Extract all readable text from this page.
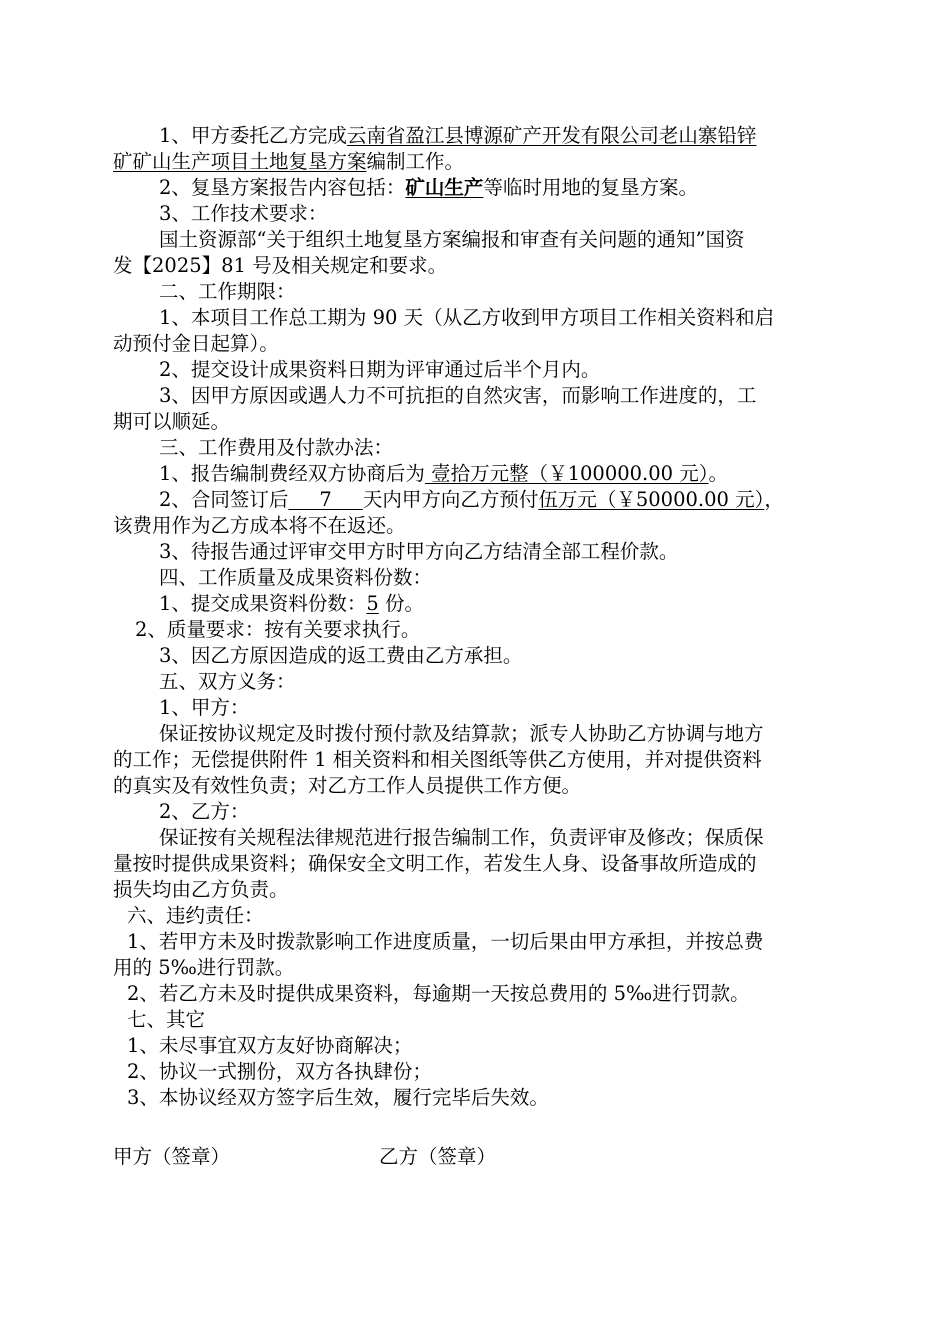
1、甲方委托乙方完成云南省盈江县博源矿产开发有限公司老山寨铅锌
矿矿山生产项目土地复垦方案编制工作。
2、复垦方案报告内容包括：矿山生产等临时用地的复垦方案。
3、工作技术要求：
国土资源部“关于组织土地复垦方案编报和审查有关问题的通知”国资
发【2025】81 号及相关规定和要求。
二、工作期限：
1、本项目工作总工期为 90 天（从乙方收到甲方项目工作相关资料和启
动预付金日起算）。
2、提交设计成果资料日期为评审通过后半个月内。
3、因甲方原因或遇人力不可抗拒的自然灾害，而影响工作进度的，工
期可以顺延。
三、工作费用及付款办法：
1、报告编制费经双方协商后为 壹拾万元整（￥100000.00 元）。
2、合同签订后     7     天内甲方向乙方预付伍万元（￥50000.00 元），
该费用作为乙方成本将不在返还。
3、待报告通过评审交甲方时甲方向乙方结清全部工程价款。
四、工作质量及成果资料份数：
1、提交成果资料份数：5 份。
2、质量要求：按有关要求执行。
3、因乙方原因造成的返工费由乙方承担。
五、双方义务：
1、甲方：
保证按协议规定及时拨付预付款及结算款；派专人协助乙方协调与地方
的工作；无偿提供附件 1 相关资料和相关图纸等供乙方使用，并对提供资料
的真实及有效性负责；对乙方工作人员提供工作方便。
2、乙方：
保证按有关规程法律规范进行报告编制工作，负责评审及修改；保质保
量按时提供成果资料；确保安全文明工作，若发生人身、设备事故所造成的
损失均由乙方负责。
六、违约责任：
1、若甲方未及时拨款影响工作进度质量，一切后果由甲方承担，并按总费
用的 5‰进行罚款。
2、若乙方未及时提供成果资料，每逾期一天按总费用的 5‰进行罚款。
七、其它
1、未尽事宜双方友好协商解决；
2、协议一式捌份，双方各执肆份；
3、本协议经双方签字后生效，履行完毕后失效。
甲方（签章）	乙方（签章）
